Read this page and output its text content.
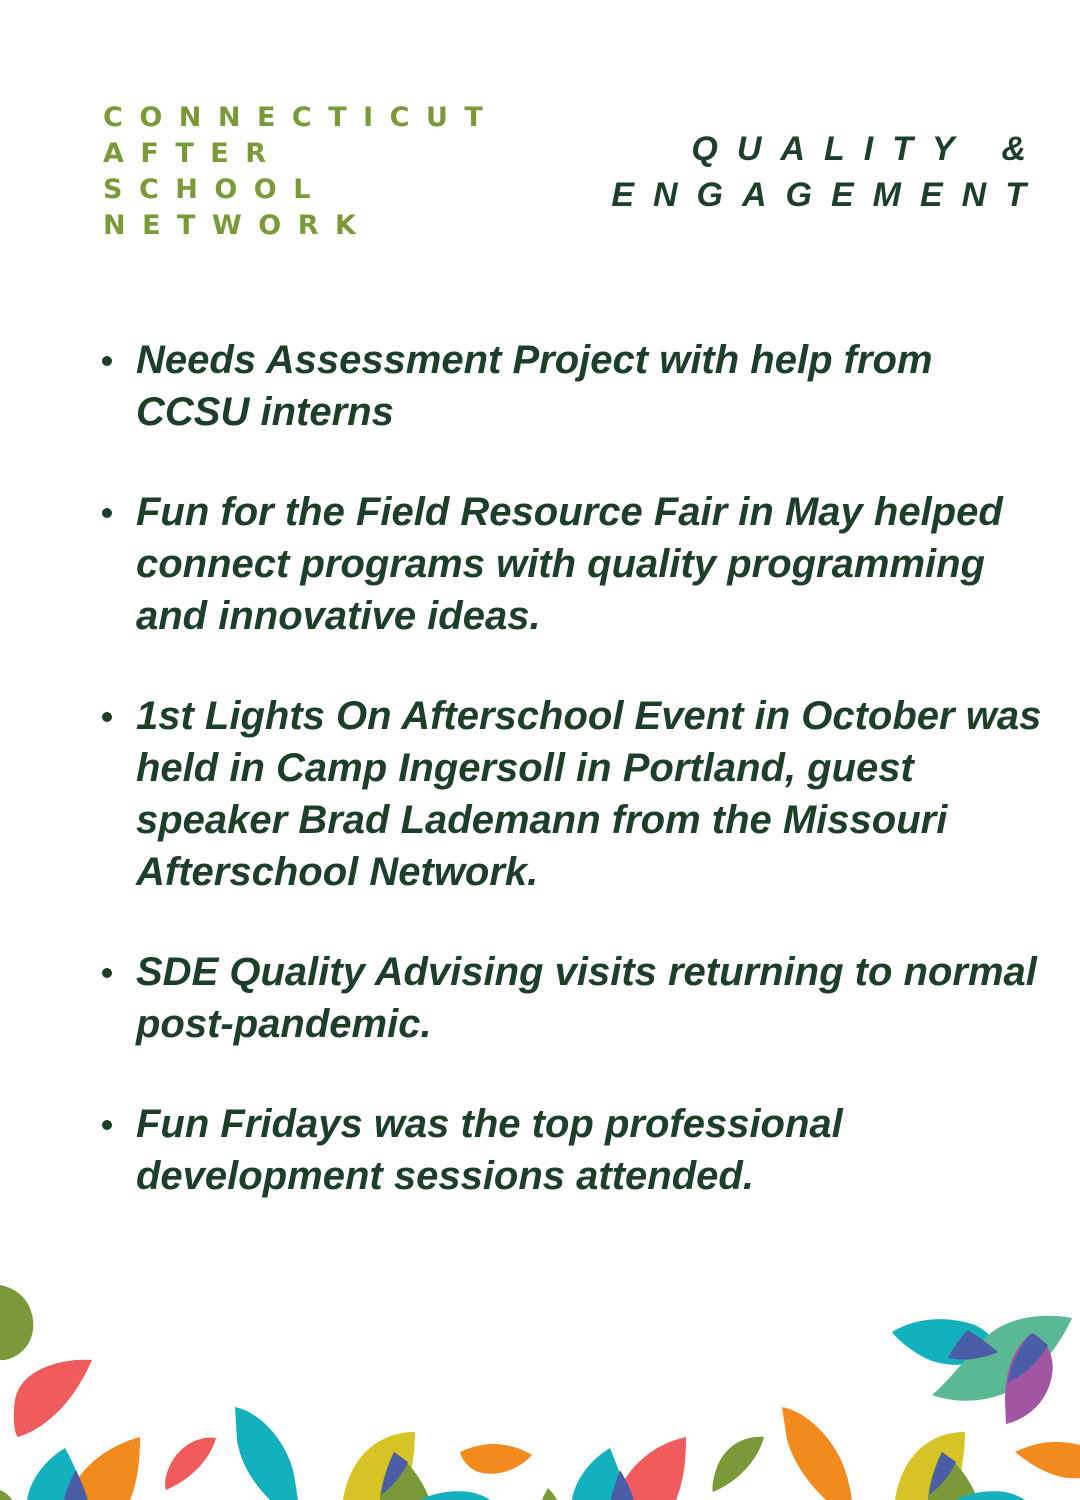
CONNECTICUT
AFTER
SCHOOL
NETWORK
QUALITY &
ENGAGEMENT
Needs Assessment Project with help from CCSU interns
Fun for the Field Resource Fair in May helped connect programs with quality programming and innovative ideas.
1st Lights On Afterschool Event in October was held in Camp Ingersoll in Portland, guest speaker Brad Lademann from the Missouri Afterschool Network.
SDE Quality Advising visits returning to normal post-pandemic.
Fun Fridays was the top professional development sessions attended.
